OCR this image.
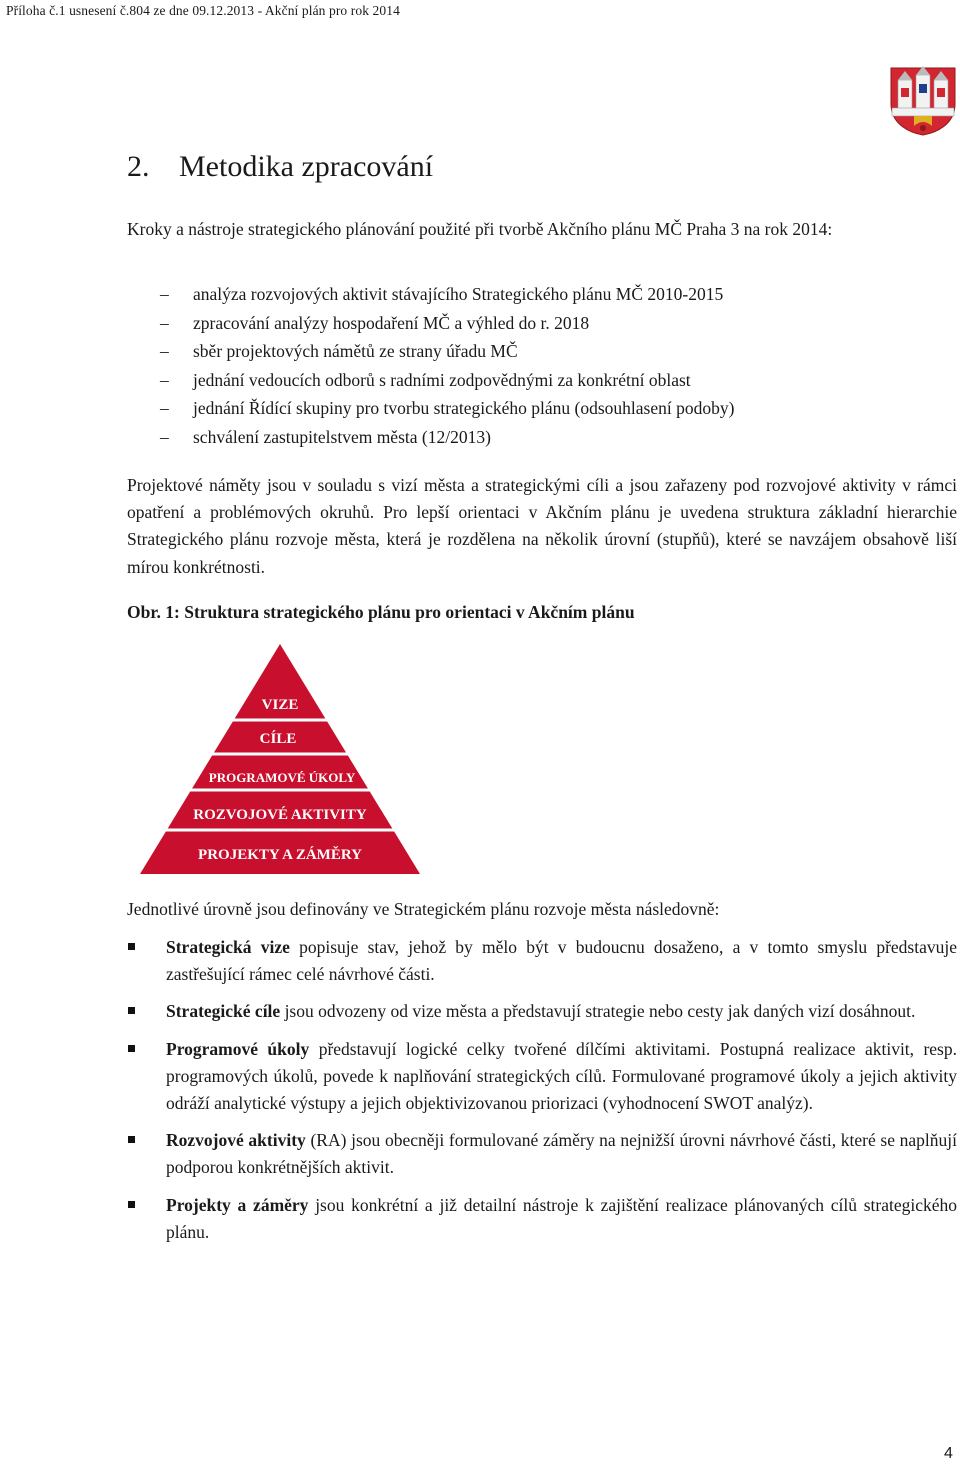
Příloha č.1 usnesení č.804 ze dne 09.12.2013 - Akční plán pro rok 2014
2. Metodika zpracování

Kroky a nástroje strategického plánování použité při tvorbě Akčního plánu MČ Praha 3 na rok 2014:

– analýza rozvojových aktivit stávajícího Strategického plánu MČ 2010-2015
– zpracování analýzy hospodaření MČ a výhled do r. 2018
– sběr projektových námětů ze strany úřadu MČ
– jednání vedoucích odborů s radními zodpovědnými za konkrétní oblast
– jednání Řídící skupiny pro tvorbu strategického plánu (odsouhlasení podoby)
– schválení zastupitelstvem města (12/2013)

Projektové náměty jsou v souladu s vizí města a strategickými cíli a jsou zařazeny pod rozvojové aktivity v rámci opatření a problémových okruhů. Pro lepší orientaci v Akčním plánu je uvedena struktura základní hierarchie Strategického plánu rozvoje města, která je rozdělena na několik úrovní (stupňů), které se navzájem obsahově liší mírou konkrétnosti.

Obr. 1: Struktura strategického plánu pro orientaci v Akčním plánu

VIZE
CÍLE
PROGRAMOVÉ ÚKOLY
ROZVOJOVÉ AKTIVITY
PROJEKTY A ZÁMĚRY

Jednotlivé úrovně jsou definovány ve Strategickém plánu rozvoje města následovně:

Strategická vize popisuje stav, jehož by mělo být v budoucnu dosaženo, a v tomto smyslu představuje zastřešující rámec celé návrhové části.
Strategické cíle jsou odvozeny od vize města a představují strategie nebo cesty jak daných vizí dosáhnout.
Programové úkoly představují logické celky tvořené dílčími aktivitami. Postupná realizace aktivit, resp. programových úkolů, povede k naplňování strategických cílů. Formulované programové úkoly a jejich aktivity odráží analytické výstupy a jejich objektivizovanou priorizaci (vyhodnocení SWOT analýz).
Rozvojové aktivity (RA) jsou obecněji formulované záměry na nejnižší úrovni návrhové části, které se naplňují podporou konkrétnějších aktivit.
Projekty a záměry jsou konkrétní a již detailní nástroje k zajištění realizace plánovaných cílů strategického plánu.
4
